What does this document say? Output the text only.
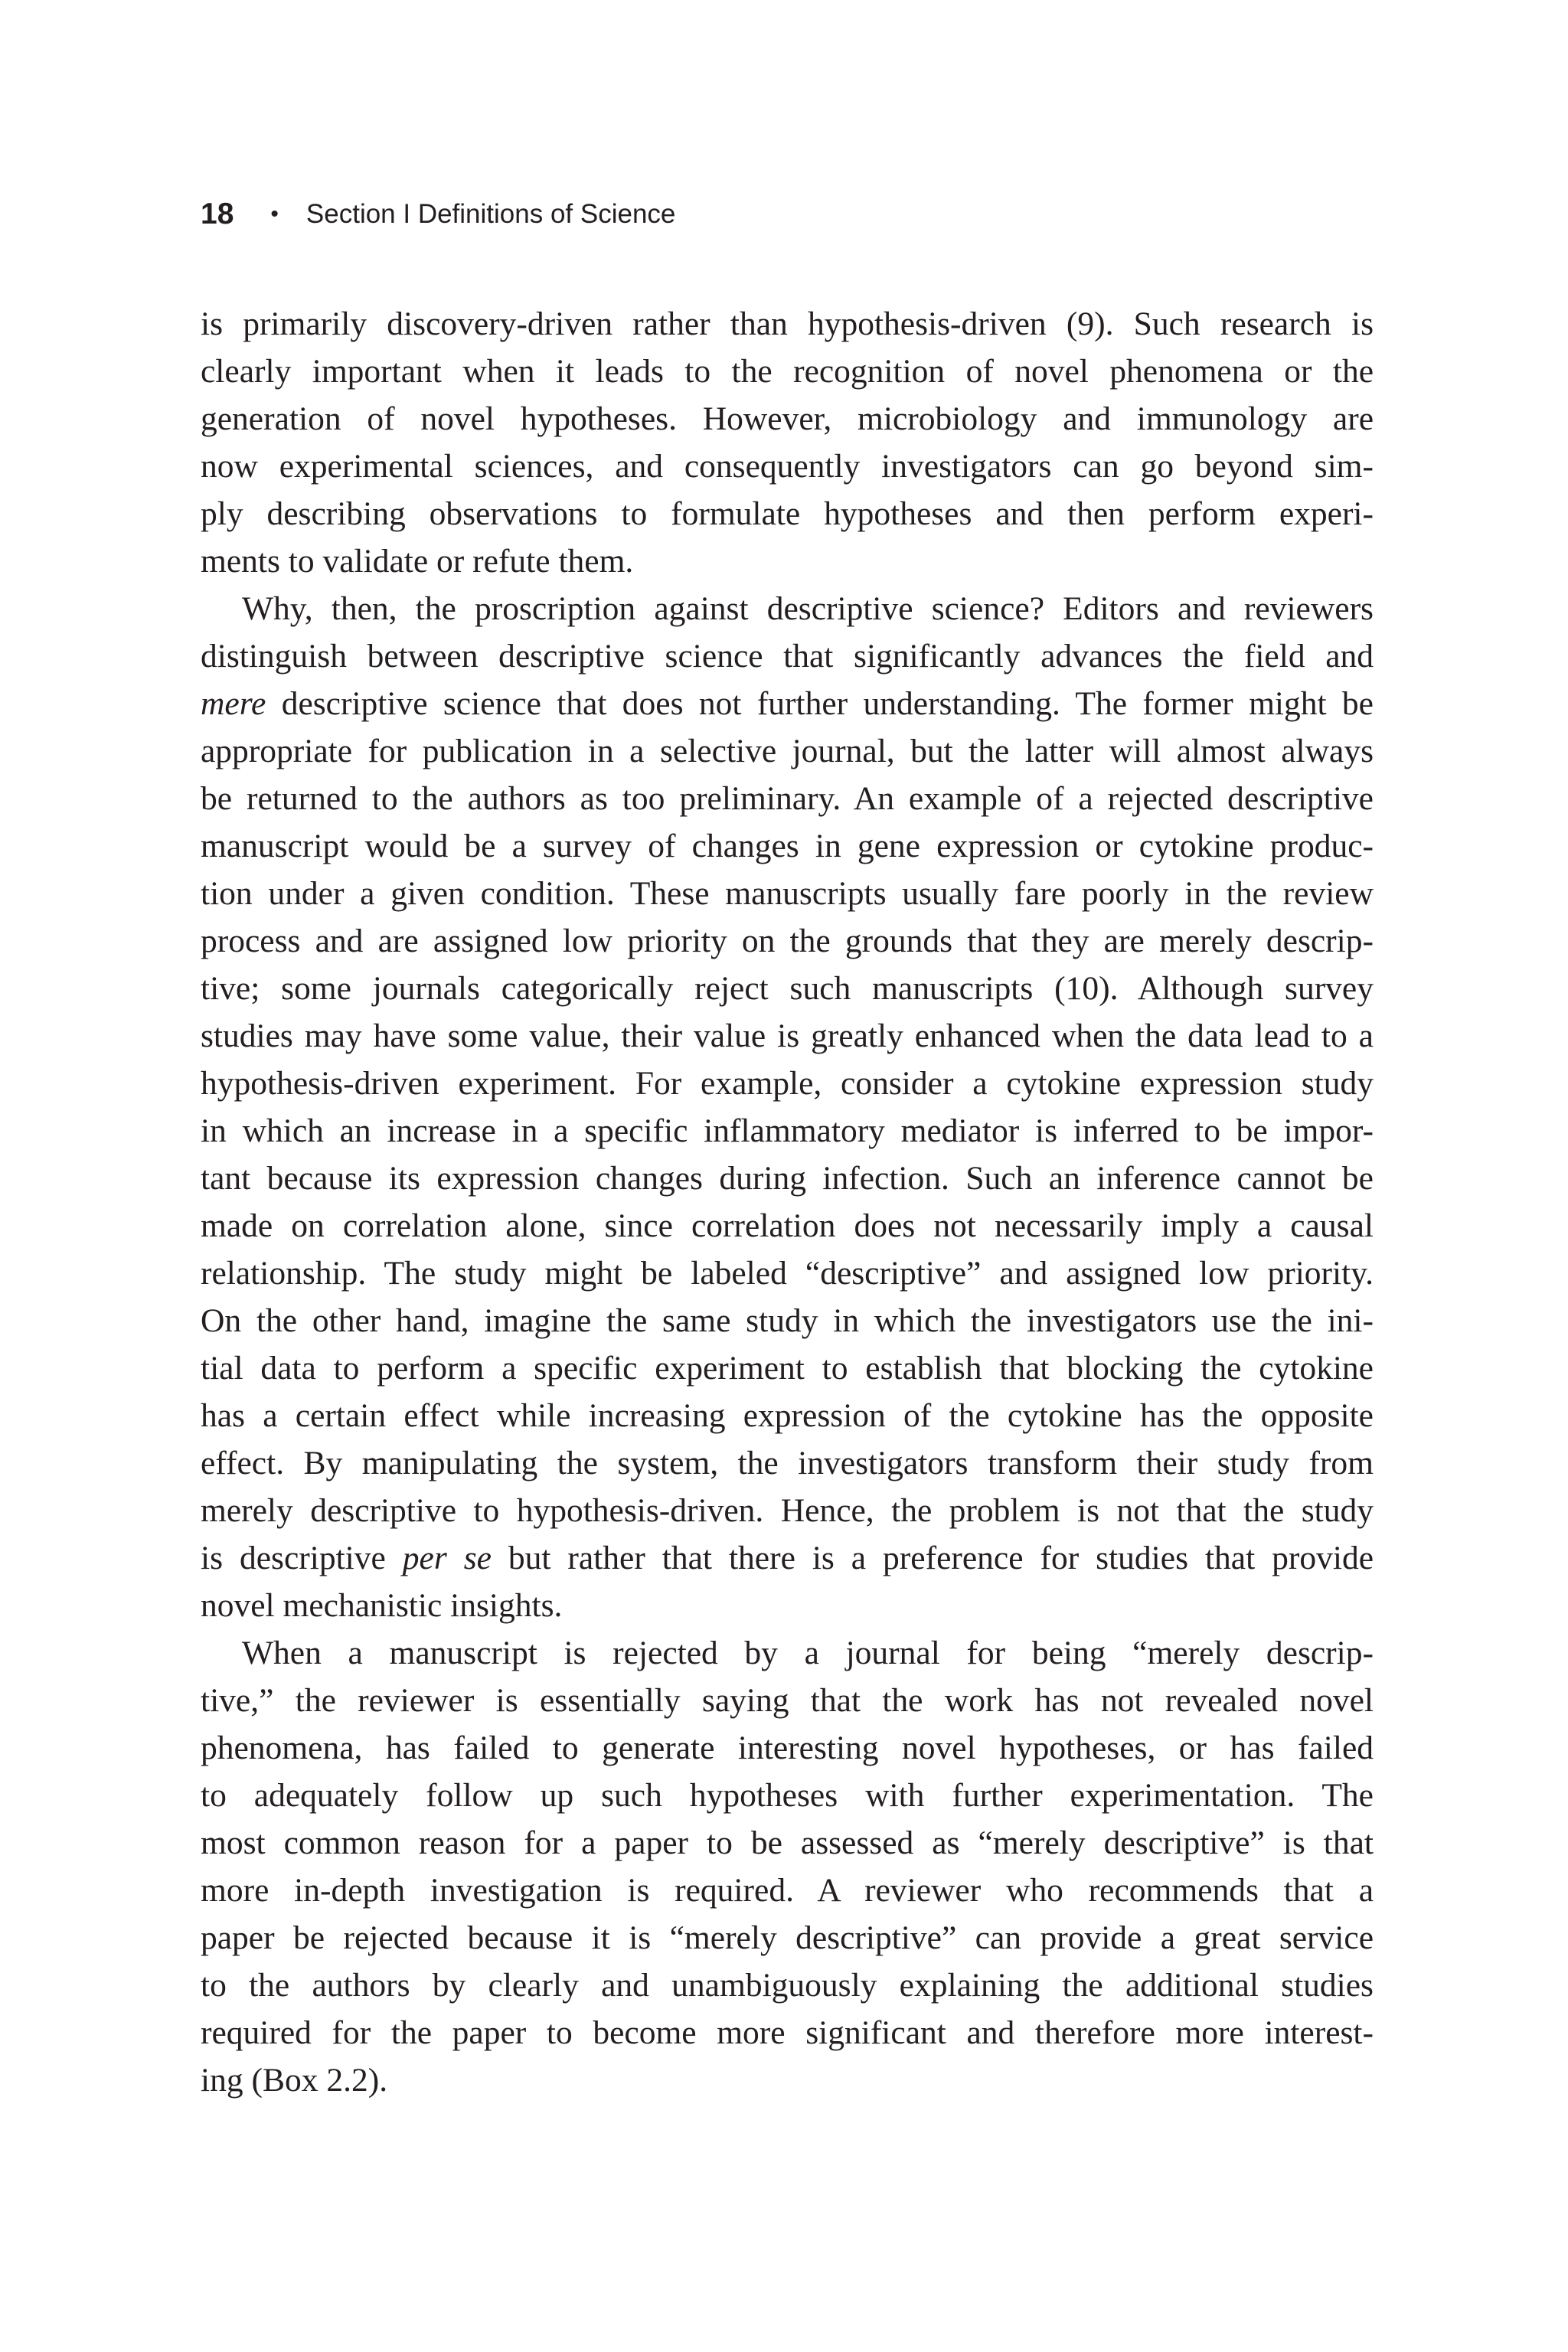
18 • Section I Definitions of Science
is primarily discovery-driven rather than hypothesis-driven (9). Such research is
clearly important when it leads to the recognition of novel phenomena or the
generation of novel hypotheses. However, microbiology and immunology are
now experimental sciences, and consequently investigators can go beyond sim-
ply describing observations to formulate hypotheses and then perform experi-
ments to validate or refute them.
Why, then, the proscription against descriptive science? Editors and reviewers
distinguish between descriptive science that significantly advances the field and
mere descriptive science that does not further understanding. The former might be
appropriate for publication in a selective journal, but the latter will almost always
be returned to the authors as too preliminary. An example of a rejected descriptive
manuscript would be a survey of changes in gene expression or cytokine produc-
tion under a given condition. These manuscripts usually fare poorly in the review
process and are assigned low priority on the grounds that they are merely descrip-
tive; some journals categorically reject such manuscripts (10). Although survey
studies may have some value, their value is greatly enhanced when the data lead to a
hypothesis-driven experiment. For example, consider a cytokine expression study
in which an increase in a specific inflammatory mediator is inferred to be impor-
tant because its expression changes during infection. Such an inference cannot be
made on correlation alone, since correlation does not necessarily imply a causal
relationship. The study might be labeled “descriptive” and assigned low priority.
On the other hand, imagine the same study in which the investigators use the ini-
tial data to perform a specific experiment to establish that blocking the cytokine
has a certain effect while increasing expression of the cytokine has the opposite
effect. By manipulating the system, the investigators transform their study from
merely descriptive to hypothesis-driven. Hence, the problem is not that the study
is descriptive per se but rather that there is a preference for studies that provide
novel mechanistic insights.
When a manuscript is rejected by a journal for being “merely descrip-
tive,” the reviewer is essentially saying that the work has not revealed novel
phenomena, has failed to generate interesting novel hypotheses, or has failed
to adequately follow up such hypotheses with further experimentation. The
most common reason for a paper to be assessed as “merely descriptive” is that
more in-depth investigation is required. A reviewer who recommends that a
paper be rejected because it is “merely descriptive” can provide a great service
to the authors by clearly and unambiguously explaining the additional studies
required for the paper to become more significant and therefore more interest-
ing (Box 2.2).
